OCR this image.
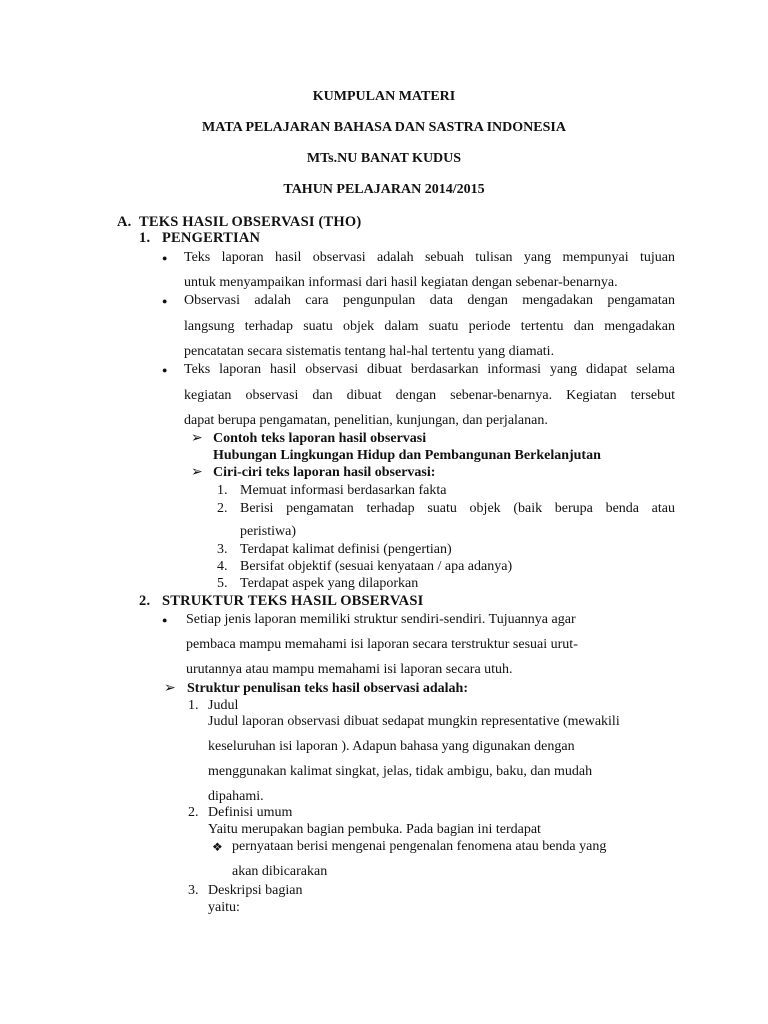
KUMPULAN MATERI
MATA PELAJARAN BAHASA DAN SASTRA INDONESIA
MTs.NU BANAT KUDUS
TAHUN PELAJARAN 2014/2015
A. TEKS HASIL OBSERVASI (THO)
1. PENGERTIAN
● Teks laporan hasil observasi adalah sebuah tulisan yang mempunyai tujuan
untuk menyampaikan informasi dari hasil kegiatan dengan sebenar-benarnya.
● Observasi adalah cara pengunpulan data dengan mengadakan pengamatan
langsung terhadap suatu objek dalam suatu periode tertentu dan mengadakan
pencatatan secara sistematis tentang hal-hal tertentu yang diamati.
● Teks laporan hasil observasi dibuat berdasarkan informasi yang didapat selama
kegiatan observasi dan dibuat dengan sebenar-benarnya. Kegiatan tersebut
dapat berupa pengamatan, penelitian, kunjungan, dan perjalanan.
➢ Contoh teks laporan hasil observasi
Hubungan Lingkungan Hidup dan Pembangunan Berkelanjutan
➢ Ciri-ciri teks laporan hasil observasi:
1. Memuat informasi berdasarkan fakta
2. Berisi pengamatan terhadap suatu objek (baik berupa benda atau
peristiwa)
3. Terdapat kalimat definisi (pengertian)
4. Bersifat objektif (sesuai kenyataan / apa adanya)
5. Terdapat aspek yang dilaporkan
2. STRUKTUR TEKS HASIL OBSERVASI
● Setiap jenis laporan memiliki struktur sendiri-sendiri. Tujuannya agar
pembaca mampu memahami isi laporan secara terstruktur sesuai urut-
urutannya atau mampu memahami isi laporan secara utuh.
➢ Struktur penulisan teks hasil observasi adalah:
1. Judul
Judul laporan observasi dibuat sedapat mungkin representative (mewakili
keseluruhan isi laporan ). Adapun bahasa yang digunakan dengan
menggunakan kalimat singkat, jelas, tidak ambigu, baku, dan mudah
dipahami.
2. Definisi umum
Yaitu merupakan bagian pembuka. Pada bagian ini terdapat
❖ pernyataan berisi mengenai pengenalan fenomena atau benda yang
akan dibicarakan
3. Deskripsi bagian
yaitu:
